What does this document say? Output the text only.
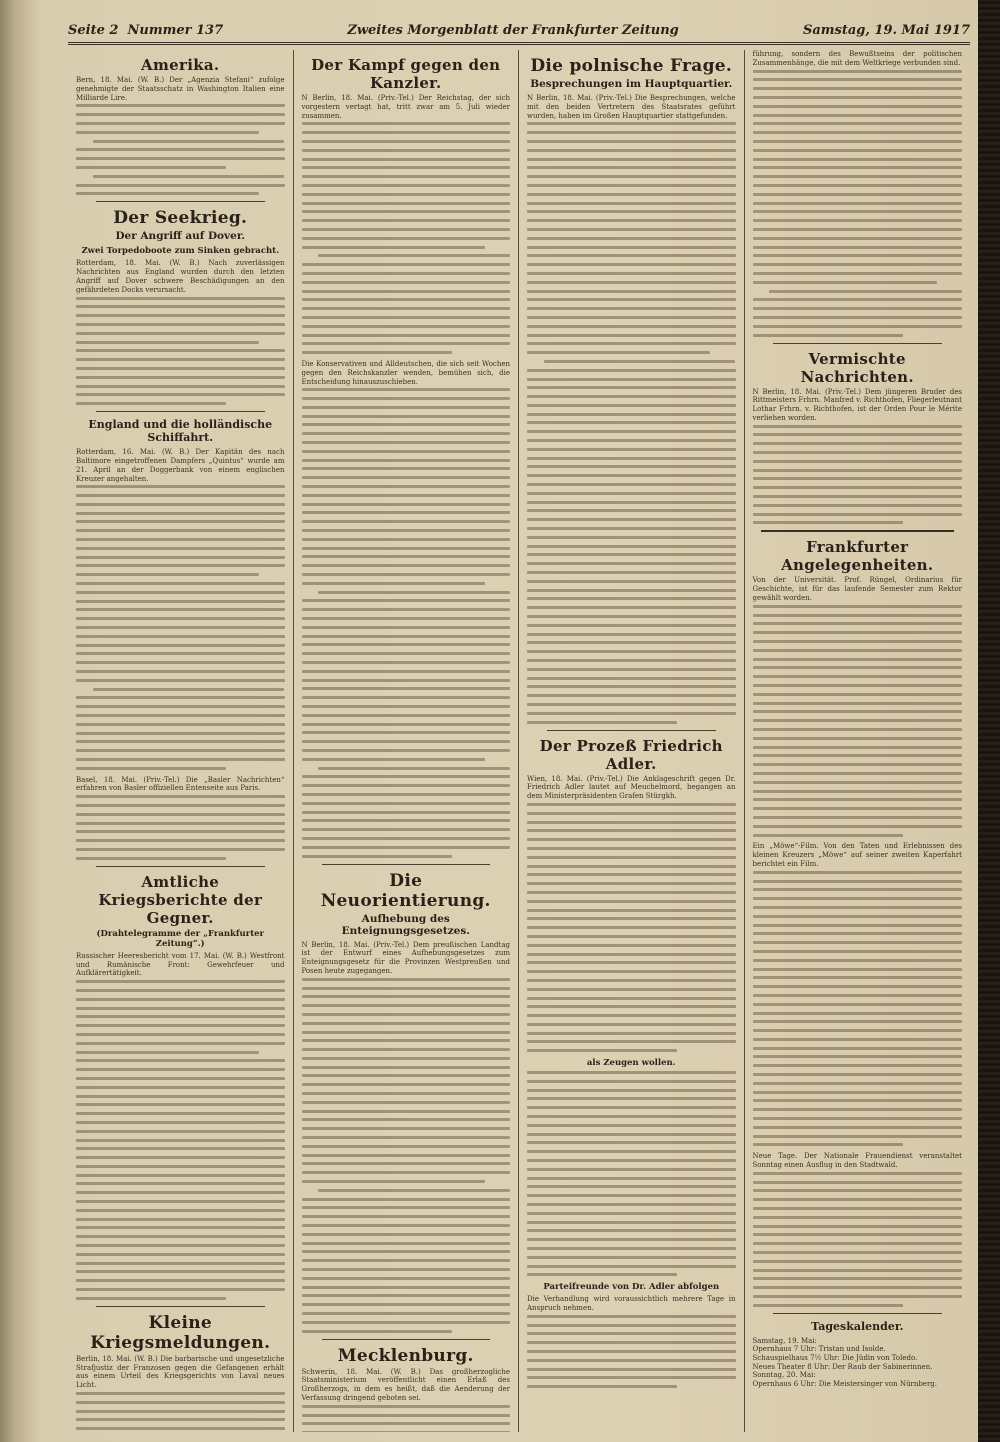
Seite 2 Nummer 137	Zweites Morgenblatt der Frankfurter Zeitung	Samstag, 19. Mai 1917
Amerika.

Bern, 18. Mai. (W. B.) Der „Agenzia Stefani“ zufolge genehmigte der Staatsschatz in Washington Italien eine Milliarde Lire.

Der Seekrieg.
Der Angriff auf Dover.
Zwei Torpedoboote zum Sinken gebracht.

Rotterdam, 18. Mai. (W. B.) Nach zuverlässigen Nachrichten aus England wurden durch den letzten Angriff auf Dover schwere Beschädigungen an den gefährdeten Docks verursacht.

England und die holländische Schiffahrt.

Rotterdam, 16. Mai. (W. B.) Der Kapitän des nach Baltimore eingetroffenen Dampfers „Quintus“ wurde am 21. April an der Doggerbank von einem englischen Kreuzer angehalten.

Basel, 18. Mai. (Priv.-Tel.) Die „Basler Nachrichten“ erfahren von Basler offiziellen Entenseite aus Paris.

Amtliche Kriegsberichte der Gegner.
(Drahtelegramme der „Frankfurter Zeitung“.)

Russischer Heeresbericht vom 17. Mai. (W. B.) Westfront und Rumänische Front: Gewehrfeuer und Aufklärertätigkeit.

Kleine Kriegsmeldungen.

Berlin, 18. Mai. (W. B.) Die barbarische und ungesetzliche Strafjustiz der Franzosen gegen die Gefangenen erhält aus einem Urteil des Kriegsgerichts von Laval neues Licht.

Der Kampf gegen den Kanzler.

N Berlin, 18. Mai. (Priv.-Tel.) Der Reichstag, der sich vorgestern vertagt hat, tritt zwar am 5. Juli wieder zusammen.

Die Konservativen und Alldeutschen, die sich seit Wochen gegen den Reichskanzler wenden, bemühen sich, die Entscheidung hinauszuschieben.

Die Neuorientierung.
Aufhebung des Enteignungsgesetzes.

N Berlin, 18. Mai. (Priv.-Tel.) Dem preußischen Landtag ist der Entwurf eines Aufhebungsgesetzes zum Enteignungsgesetz für die Provinzen Westpreußen und Posen heute zugegangen.

Mecklenburg.

Schwerin, 18. Mai. (W. B.) Das großherzogliche Staatsministerium veröffentlicht einen Erlaß des Großherzogs, in dem es heißt, daß die Aenderung der Verfassung dringend geboten sei.

Die polnische Frage.
Besprechungen im Hauptquartier.

N Berlin, 18. Mai. (Priv.-Tel.) Die Besprechungen, welche mit den beiden Vertretern des Staatsrates geführt wurden, haben im Großen Hauptquartier stattgefunden.

Der Prozeß Friedrich Adler.

Wien, 18. Mai. (Priv.-Tel.) Die Anklageschrift gegen Dr. Friedrich Adler lautet auf Meuchelmord, begangen an dem Ministerpräsidenten Grafen Stürgkh.

als Zeugen wollen.
Parteifreunde von Dr. Adler abfolgen

Die Verhandlung wird voraussichtlich mehrere Tage in Anspruch nehmen.

führung, sondern des Bewußtseins der politischen Zusammenhänge, die mit dem Weltkriege verbunden sind.

Vermischte Nachrichten.

N Berlin, 18. Mai. (Priv.-Tel.) Dem jüngeren Bruder des Rittmeisters Frhrn. Manfred v. Richthofen, Fliegerleutnant Lothar Frhrn. v. Richthofen, ist der Orden Pour le Mérite verliehen worden.

Frankfurter Angelegenheiten.

Von der Universität. Prof. Rüngel, Ordinarius für Geschichte, ist für das laufende Semester zum Rektor gewählt worden.

Ein „Möwe“-Film. Von den Taten und Erlebnissen des kleinen Kreuzers „Möwe“ auf seiner zweiten Kaperfahrt berichtet ein Film.

Neue Tage. Der Nationale Frauendienst veranstaltet Sonntag einen Ausflug in den Stadtwald.

Tageskalender.
Samstag, 19. Mai:
Opernhaus 7 Uhr: Tristan und Isolde.
Schauspielhaus 7½ Uhr: Die Jüdin von Toledo.
Neues Theater 8 Uhr: Der Raub der Sabinerinnen.
Sonntag, 20. Mai:
Opernhaus 6 Uhr: Die Meistersinger von Nürnberg.
